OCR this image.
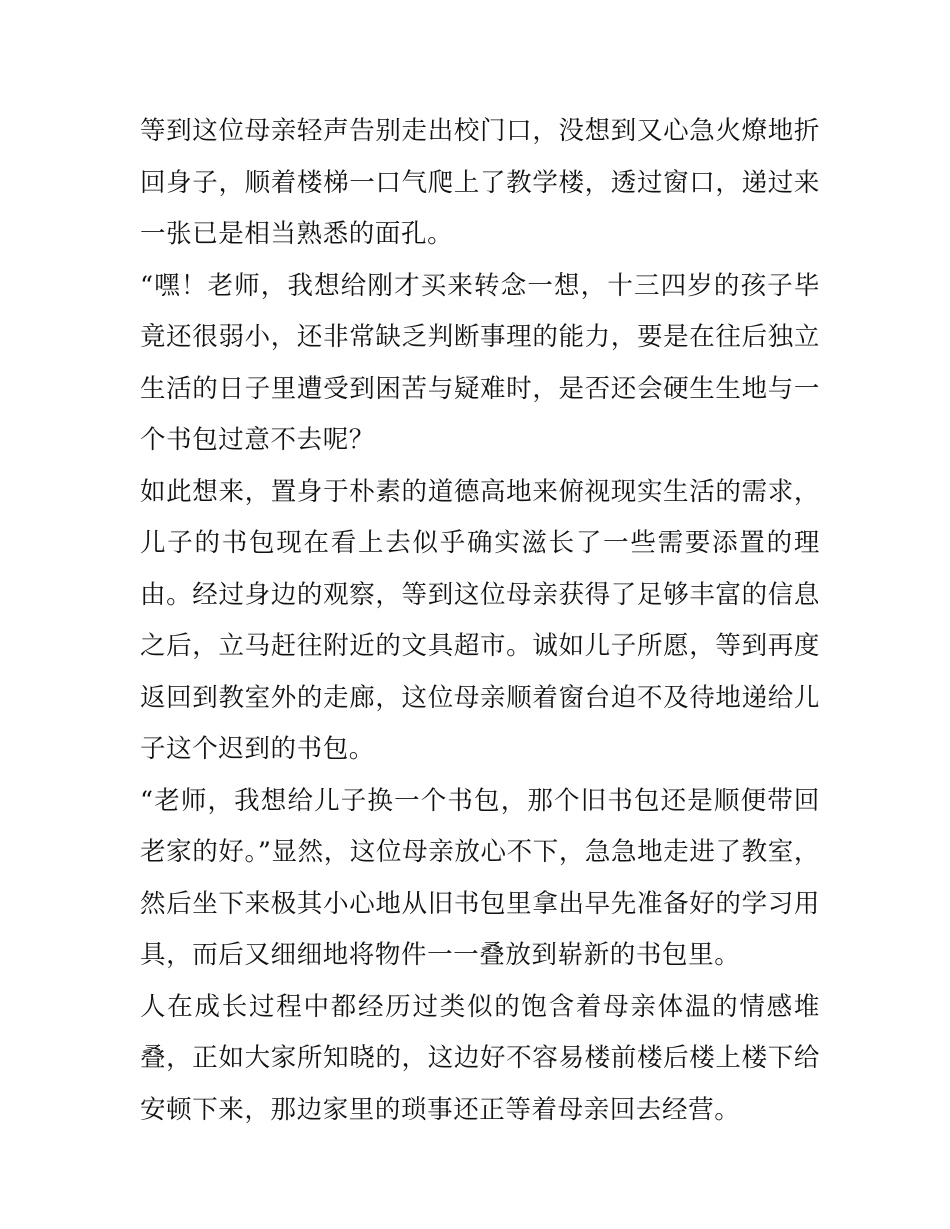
等到这位母亲轻声告别走出校门口，没想到又心急火燎地折回身子，顺着楼梯一口气爬上了教学楼，透过窗口，递过来一张已是相当熟悉的面孔。

“嘿！老师，我想给刚才买来转念一想，十三四岁的孩子毕竟还很弱小，还非常缺乏判断事理的能力，要是在往后独立生活的日子里遭受到困苦与疑难时，是否还会硬生生地与一个书包过意不去呢？

如此想来，置身于朴素的道德高地来俯视现实生活的需求，儿子的书包现在看上去似乎确实滋长了一些需要添置的理由。经过身边的观察，等到这位母亲获得了足够丰富的信息之后，立马赶往附近的文具超市。诚如儿子所愿，等到再度返回到教室外的走廊，这位母亲顺着窗台迫不及待地递给儿子这个迟到的书包。

“老师，我想给儿子换一个书包，那个旧书包还是顺便带回老家的好。”显然，这位母亲放心不下，急急地走进了教室，然后坐下来极其小心地从旧书包里拿出早先准备好的学习用具，而后又细细地将物件一一叠放到崭新的书包里。

人在成长过程中都经历过类似的饱含着母亲体温的情感堆叠，正如大家所知晓的，这边好不容易楼前楼后楼上楼下给安顿下来，那边家里的琐事还正等着母亲回去经营。
